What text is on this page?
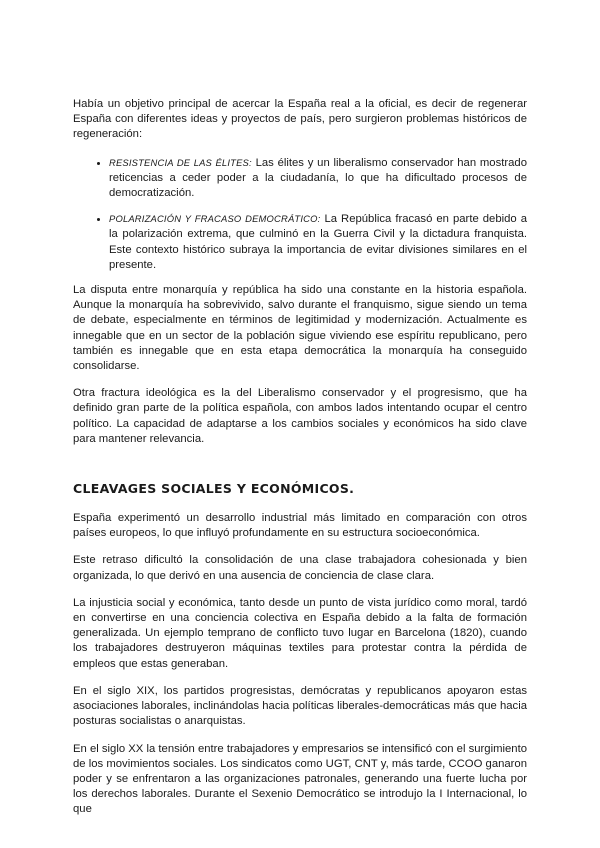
Había un objetivo principal de acercar la España real a la oficial, es decir de regenerar España con diferentes ideas y proyectos de país, pero surgieron problemas históricos de regeneración:

• RESISTENCIA DE LAS ÉLITES: Las élites y un liberalismo conservador han mostrado reticencias a ceder poder a la ciudadanía, lo que ha dificultado procesos de democratización.
• POLARIZACIÓN Y FRACASO DEMOCRÁTICO: La República fracasó en parte debido a la polarización extrema, que culminó en la Guerra Civil y la dictadura franquista. Este contexto histórico subraya la importancia de evitar divisiones similares en el presente.

La disputa entre monarquía y república ha sido una constante en la historia española. Aunque la monarquía ha sobrevivido, salvo durante el franquismo, sigue siendo un tema de debate, especialmente en términos de legitimidad y modernización. Actualmente es innegable que en un sector de la población sigue viviendo ese espíritu republicano, pero también es innegable que en esta etapa democrática la monarquía ha conseguido consolidarse.

Otra fractura ideológica es la del Liberalismo conservador y el progresismo, que ha definido gran parte de la política española, con ambos lados intentando ocupar el centro político. La capacidad de adaptarse a los cambios sociales y económicos ha sido clave para mantener relevancia.

CLEAVAGES SOCIALES Y ECONÓMICOS.

España experimentó un desarrollo industrial más limitado en comparación con otros países europeos, lo que influyó profundamente en su estructura socioeconómica.

Este retraso dificultó la consolidación de una clase trabajadora cohesionada y bien organizada, lo que derivó en una ausencia de conciencia de clase clara.

La injusticia social y económica, tanto desde un punto de vista jurídico como moral, tardó en convertirse en una conciencia colectiva en España debido a la falta de formación generalizada. Un ejemplo temprano de conflicto tuvo lugar en Barcelona (1820), cuando los trabajadores destruyeron máquinas textiles para protestar contra la pérdida de empleos que estas generaban.

En el siglo XIX, los partidos progresistas, demócratas y republicanos apoyaron estas asociaciones laborales, inclinándolas hacia políticas liberales-democráticas más que hacia posturas socialistas o anarquistas.

En el siglo XX la tensión entre trabajadores y empresarios se intensificó con el surgimiento de los movimientos sociales. Los sindicatos como UGT, CNT y, más tarde, CCOO ganaron poder y se enfrentaron a las organizaciones patronales, generando una fuerte lucha por los derechos laborales. Durante el Sexenio Democrático se introdujo la I Internacional, lo que
